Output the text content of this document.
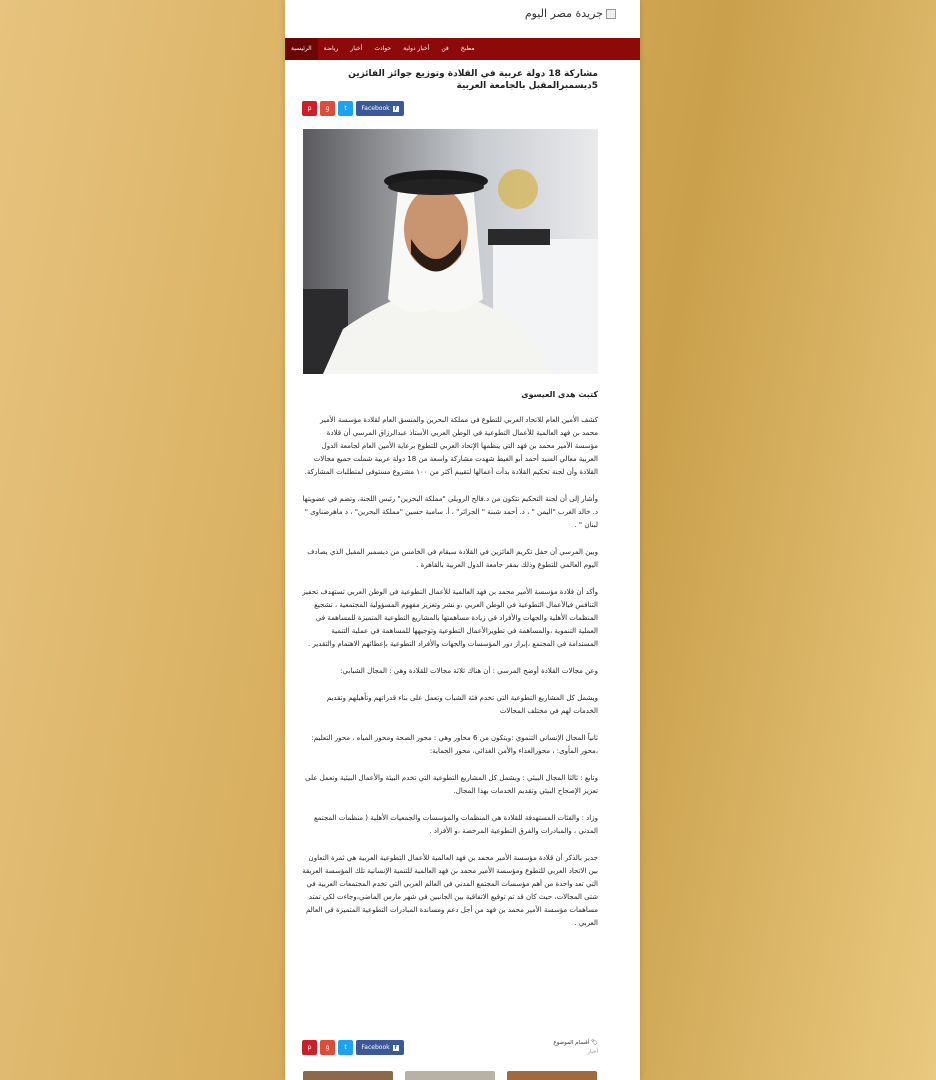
جريدة مصر اليوم
الرئيسية	رياضة	أخبار	حوادث	أخبار دولية	فن	مطبخ
مشاركة 18 دولة عربية في القلادة وتوزيع جوائز الفائزين 5ديسمبرالمقبل بالجامعة العربية
p	g	t	Facebook f
كتبت هدى العيسوى

كشف الأمين العام للاتحاد العربي للتطوع في مملكة البحرين والمنسق العام لقلادة مؤسسة الأمير محمد بن فهد العالمية للأعمال التطوعية في الوطن العربي الأستاذ عبدالرزاق المرسي أن قلادة مؤسسة الأمير محمد بن فهد التي ينظمها الإتحاد العربي للتطوع برعاية الأمين العام لجامعة الدول العربية معالي السيد أحمد أبو الغيط شهدت مشاركة واسعة من 18 دولة عربية شملت جميع مجالات القلادة وأن لجنة تحكيم القلادة بدأت أعمالها لتقييم أكثر من ١٠٠ مشروع مستوفى لمتطلبات المشاركة.

وأشار إلى أن لجنة التحكيم تتكون من د.فالح الرويلي "مملكة البحرين" رئيس اللجنة، وتضم في عضويتها د. خالد الغرب "اليمن " ، د. أحمد شبنة " الجزائر" ، أ. سامية حسين "مملكة البحرين" ، د ماهرضناوى " لبنان " .

وبين المرسي أن حفل تكريم الفائزين في القلادة سيقام في الخامس من ديسمبر المقبل الذي يصادف اليوم العالمي للتطوع وذلك بمقر جامعة الدول العربية بالقاهرة .

وأكد أن قلادة مؤسسة الأمير محمد بن فهد العالمية للأعمال التطوعية في الوطن العربي تستهدف تحفيز التنافس فيالأعمال التطوعية في الوطن العربي ،و نشر وتعزيز مفهوم المسؤولية المجتمعية ، تشجيع المنظمات الأهلية والجهات والأفراد في زيادة مساهمتها بالمشاريع التطوعية المتميزة للمساهمة في العملية التنموية ،والمساهمة في تطويرالأعمال التطوعية وتوجيهها للمساهمة في عملية التنمية المستدامة في المجتمع ،إبراز دور المؤسسات والجهات والأفراد التطوعية بإعطائهم الاهتمام والتقدير .

وعن مجالات القلادة أوضح المرسي : أن هناك ثلاثة مجالات للقلادة وهي : المجال الشبابي:

ويشمل كل المشاريع التطوعية التي تخدم فئة الشباب وتعمل على بناء قدراتهم وتأهيلهم وتقديم الخدمات لهم في مختلف المجالات

ثانياً المجال الإنساني التنموي :ويتكون من 6 محاور وهي : محور الصحة ومحور المياه ، محور التعليم: ،محور المأوى: ، محورالغذاء والأمن الغذائي، محور الحماية:

وتابع : ثالثا المجال البيئي : ويشمل كل المشاريع التطوعية التي تخدم البيئة والأعمال البيئية وتعمل على تعزيز الإصحاح البيئي وتقديم الخدمات بهذا المجال.

وزاد : والفئات المستهدفة للقلادة هي المنظمات والمؤسسات والجمعيات الأهلية ( منظمات المجتمع المدني ، والمبادرات والفرق التطوعية المرخصة ،و الأفراد .

جدير بالذكر أن قلادة مؤسسة الأمير محمد بن فهد العالمية للأعمال التطوعية العربية هي ثمرة التعاون بين الاتحاد العربي للتطوع ومؤسسة الأمير محمد بن فهد العالمية للتنمية الإنسانية تلك المؤسسة العريقة التي تعد واحدة من أهم مؤسسات المجتمع المدني في العالم العربي التي تخدم المجتمعات العربية في شتى المجالات، حيث كان قد تم توقيع الاتفاقية بين الجانبين في شهر مارس الماضي،وجاءت لكي تمتد مساهمات مؤسسة الأمير محمد بن فهد من أجل دعم ومساندة المبادرات التطوعية المتميزة في العالم العربي .

🏷 أقسام الموضوع
أخبار
p	g	t	Facebook f
